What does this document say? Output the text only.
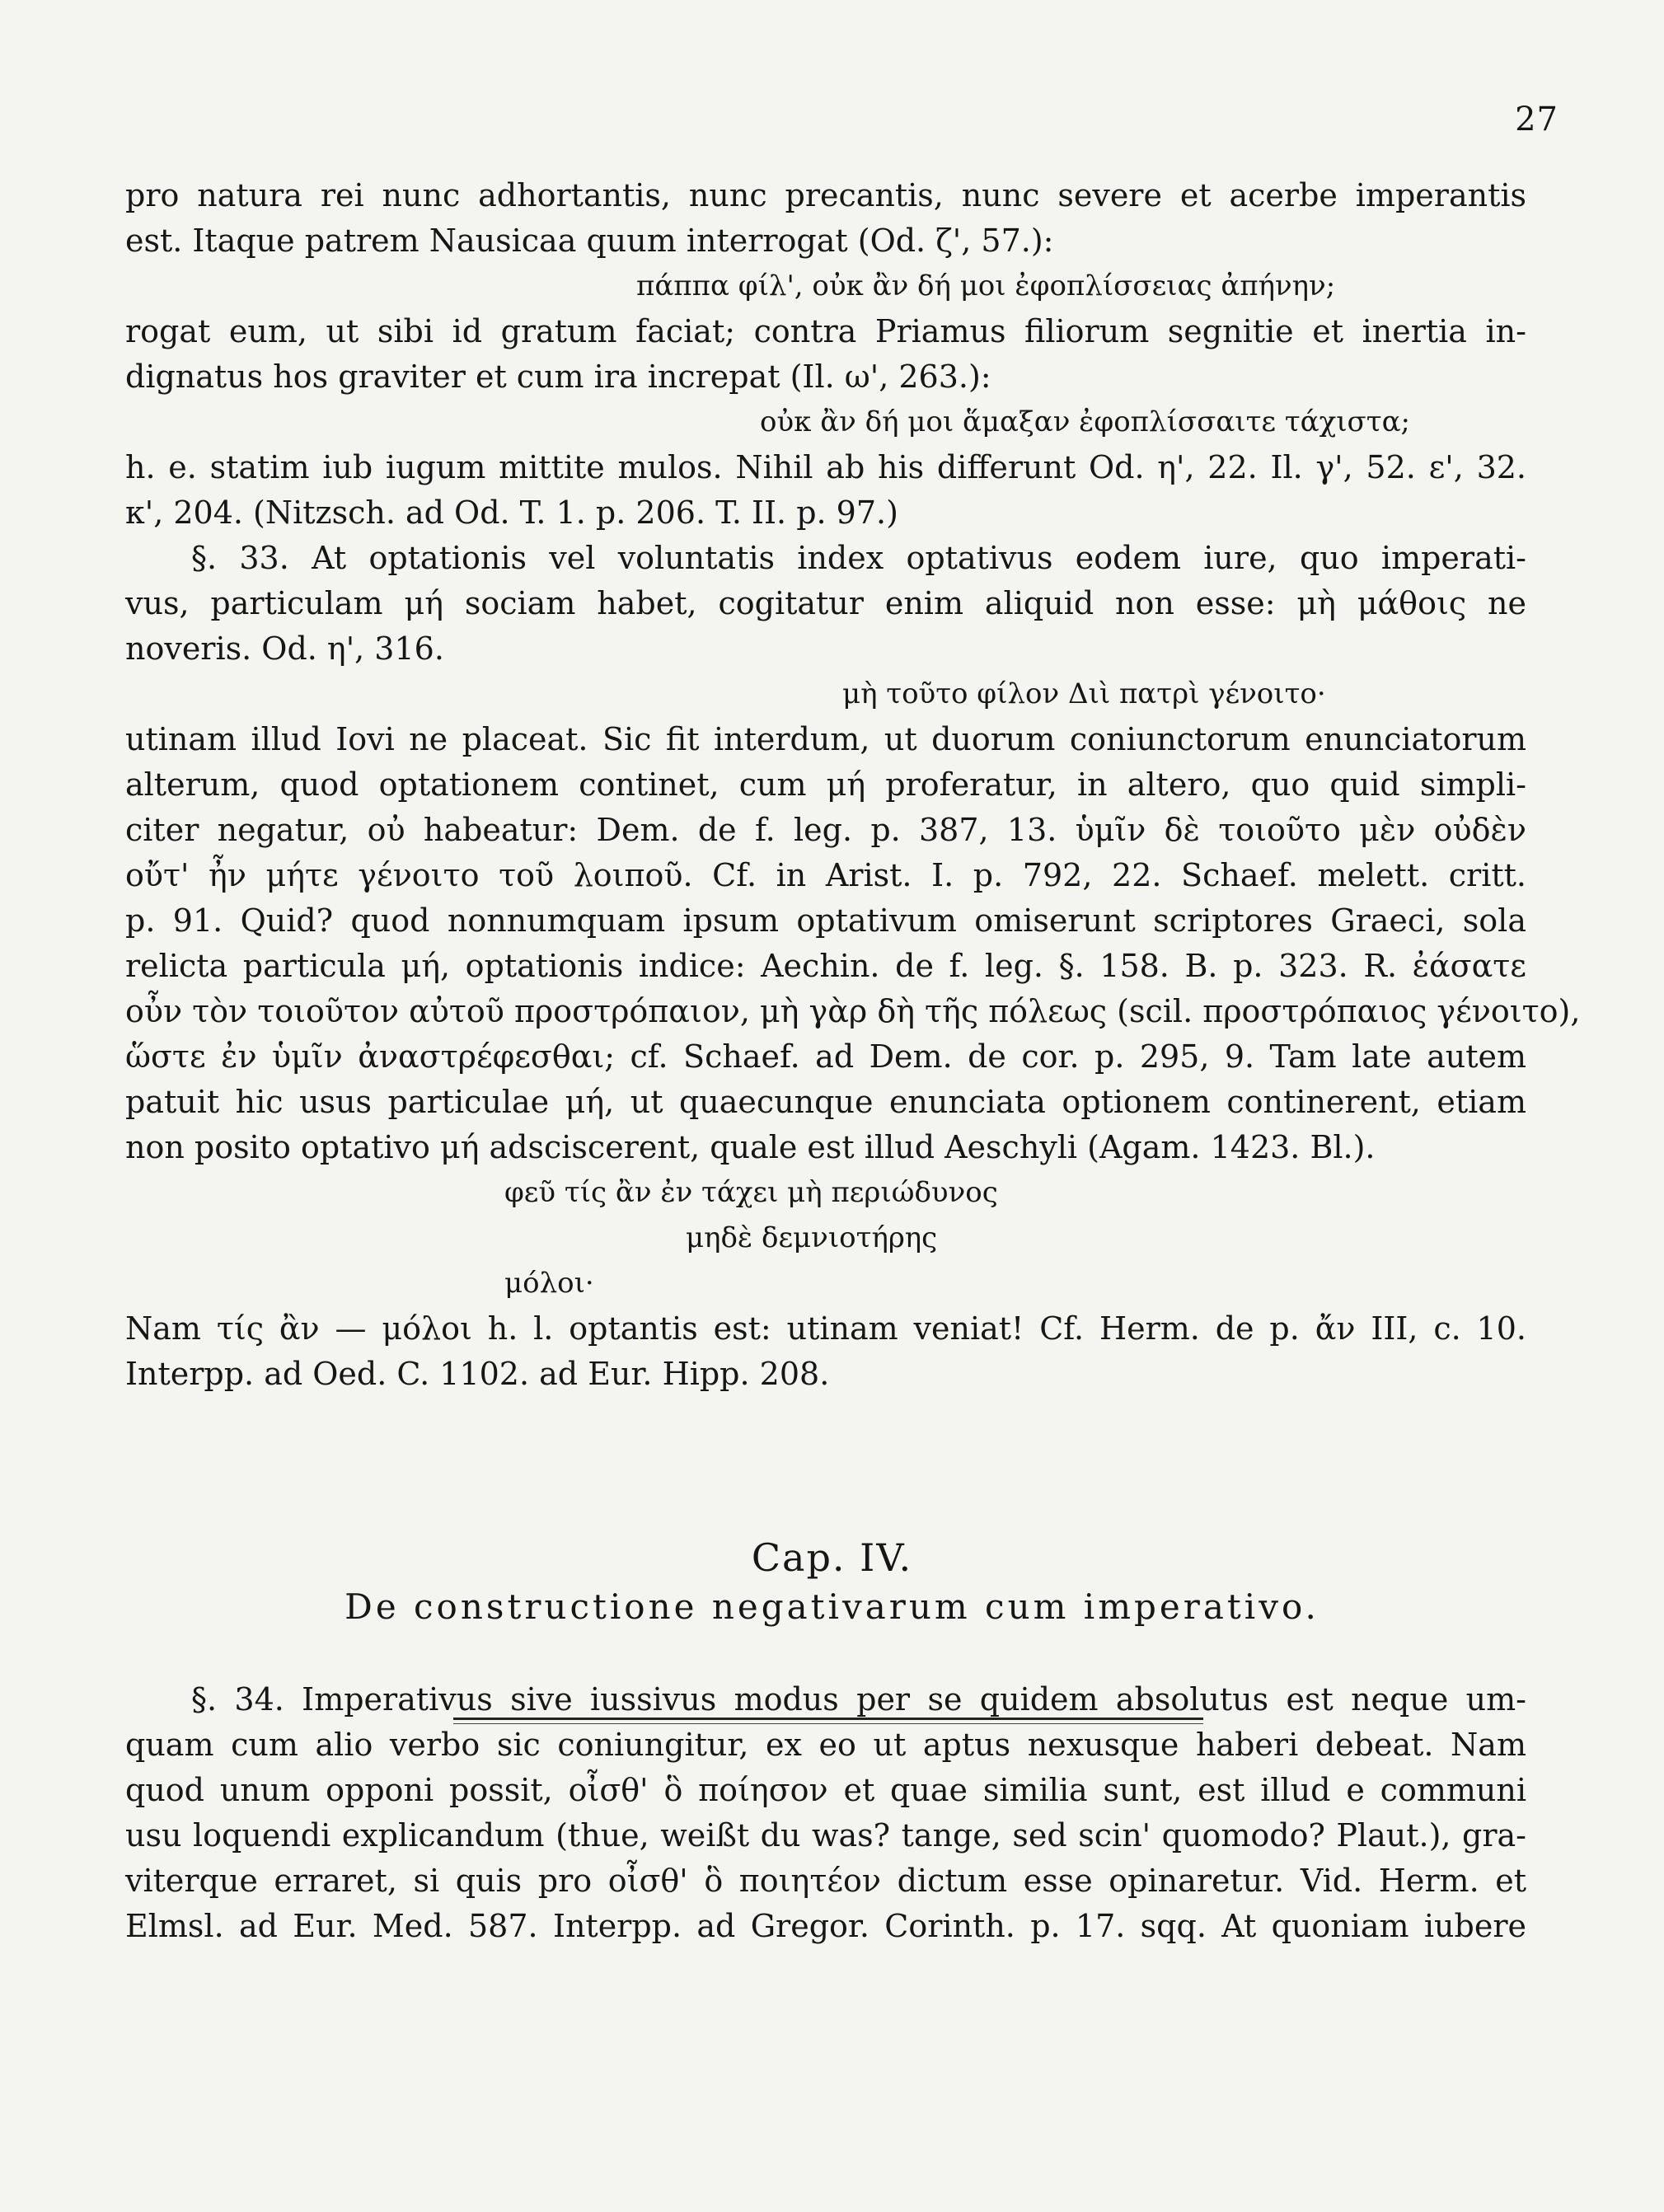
27
pro natura rei nunc adhortantis, nunc precantis, nunc severe et acerbe imperantis
est. Itaque patrem Nausicaa quum interrogat (Od. ζ', 57.):
πάππα φίλ', οὐκ ἂν δή μοι ἐφοπλίσσειας ἀπήνην;
rogat eum, ut sibi id gratum faciat; contra Priamus filiorum segnitie et inertia in-
dignatus hos graviter et cum ira increpat (Il. ω', 263.):
οὐκ ἂν δή μοι ἅμαξαν ἐφοπλίσσαιτε τάχιστα;
h. e. statim iub iugum mittite mulos. Nihil ab his differunt Od. η', 22. Il. γ', 52. ε', 32.
κ', 204. (Nitzsch. ad Od. T. 1. p. 206. T. II. p. 97.)
§. 33. At optationis vel voluntatis index optativus eodem iure, quo imperati-
vus, particulam μή sociam habet, cogitatur enim aliquid non esse: μὴ μάθοις ne
noveris. Od. η', 316.
μὴ τοῦτο φίλον Διὶ πατρὶ γένοιτο·
utinam illud Iovi ne placeat. Sic fit interdum, ut duorum coniunctorum enunciatorum
alterum, quod optationem continet, cum μή proferatur, in altero, quo quid simpli-
citer negatur, οὐ habeatur: Dem. de f. leg. p. 387, 13. ὑμῖν δὲ τοιοῦτο μὲν οὐδὲν
οὔτ' ἦν μήτε γένοιτο τοῦ λοιποῦ. Cf. in Arist. I. p. 792, 22. Schaef. melett. critt.
p. 91. Quid? quod nonnumquam ipsum optativum omiserunt scriptores Graeci, sola
relicta particula μή, optationis indice: Aechin. de f. leg. §. 158. B. p. 323. R. ἐάσατε
οὖν τὸν τοιοῦτον αὐτοῦ προστρόπαιον, μὴ γὰρ δὴ τῆς πόλεως (scil. προστρόπαιος γένοιτο),
ὥστε ἐν ὑμῖν ἀναστρέφεσθαι; cf. Schaef. ad Dem. de cor. p. 295, 9. Tam late autem
patuit hic usus particulae μή, ut quaecunque enunciata optionem continerent, etiam
non posito optativo μή adsciscerent, quale est illud Aeschyli (Agam. 1423. Bl.).
φεῦ τίς ἂν ἐν τάχει μὴ περιώδυνος
μηδὲ δεμνιοτήρης
μόλοι·
Nam τίς ἂν — μόλοι h. l. optantis est: utinam veniat! Cf. Herm. de p. ἄν III, c. 10.
Interpp. ad Oed. C. 1102. ad Eur. Hipp. 208.
Cap. IV.
De constructione negativarum cum imperativo.
§. 34. Imperativus sive iussivus modus per se quidem absolutus est neque um-
quam cum alio verbo sic coniungitur, ex eo ut aptus nexusque haberi debeat. Nam
quod unum opponi possit, οἶσθ' ὃ ποίησον et quae similia sunt, est illud e communi
usu loquendi explicandum (thue, weißt du was? tange, sed scin' quomodo? Plaut.), gra-
viterque erraret, si quis pro οἶσθ' ὃ ποιητέον dictum esse opinaretur. Vid. Herm. et
Elmsl. ad Eur. Med. 587. Interpp. ad Gregor. Corinth. p. 17. sqq. At quoniam iubere
